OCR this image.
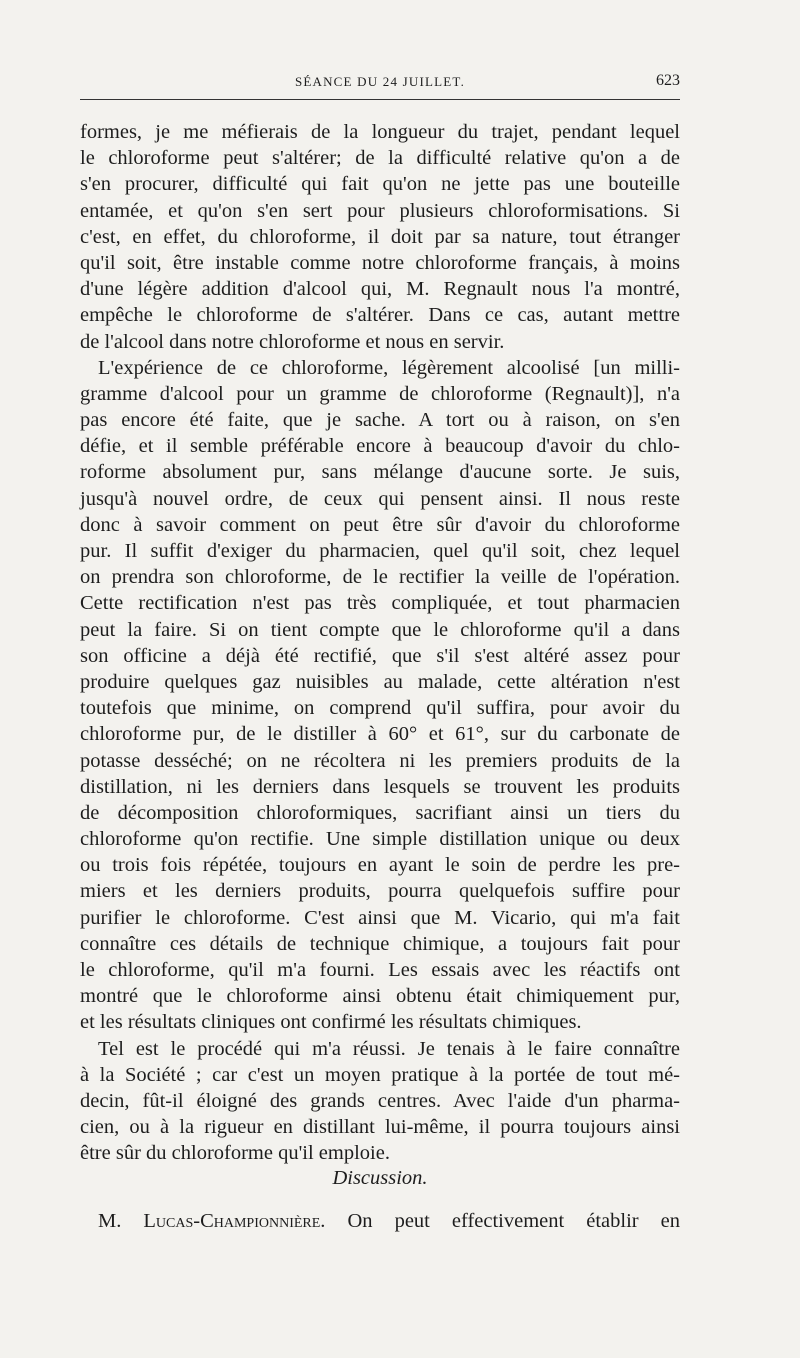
SÉANCE DU 24 JUILLET.	623
formes, je me méfierais de la longueur du trajet, pendant lequel
le chloroforme peut s'altérer; de la difficulté relative qu'on a de
s'en procurer, difficulté qui fait qu'on ne jette pas une bouteille
entamée, et qu'on s'en sert pour plusieurs chloroformisations. Si
c'est, en effet, du chloroforme, il doit par sa nature, tout étranger
qu'il soit, être instable comme notre chloroforme français, à moins
d'une légère addition d'alcool qui, M. Regnault nous l'a montré,
empêche le chloroforme de s'altérer. Dans ce cas, autant mettre
de l'alcool dans notre chloroforme et nous en servir.
L'expérience de ce chloroforme, légèrement alcoolisé [un milli-
gramme d'alcool pour un gramme de chloroforme (Regnault)], n'a
pas encore été faite, que je sache. A tort ou à raison, on s'en
défie, et il semble préférable encore à beaucoup d'avoir du chlo-
roforme absolument pur, sans mélange d'aucune sorte. Je suis,
jusqu'à nouvel ordre, de ceux qui pensent ainsi. Il nous reste
donc à savoir comment on peut être sûr d'avoir du chloroforme
pur. Il suffit d'exiger du pharmacien, quel qu'il soit, chez lequel
on prendra son chloroforme, de le rectifier la veille de l'opération.
Cette rectification n'est pas très compliquée, et tout pharmacien
peut la faire. Si on tient compte que le chloroforme qu'il a dans
son officine a déjà été rectifié, que s'il s'est altéré assez pour
produire quelques gaz nuisibles au malade, cette altération n'est
toutefois que minime, on comprend qu'il suffira, pour avoir du
chloroforme pur, de le distiller à 60° et 61°, sur du carbonate de
potasse desséché; on ne récoltera ni les premiers produits de la
distillation, ni les derniers dans lesquels se trouvent les produits
de décomposition chloroformiques, sacrifiant ainsi un tiers du
chloroforme qu'on rectifie. Une simple distillation unique ou deux
ou trois fois répétée, toujours en ayant le soin de perdre les pre-
miers et les derniers produits, pourra quelquefois suffire pour
purifier le chloroforme. C'est ainsi que M. Vicario, qui m'a fait
connaître ces détails de technique chimique, a toujours fait pour
le chloroforme, qu'il m'a fourni. Les essais avec les réactifs ont
montré que le chloroforme ainsi obtenu était chimiquement pur,
et les résultats cliniques ont confirmé les résultats chimiques.
Tel est le procédé qui m'a réussi. Je tenais à le faire connaître
à la Société ; car c'est un moyen pratique à la portée de tout mé-
decin, fût-il éloigné des grands centres. Avec l'aide d'un pharma-
cien, ou à la rigueur en distillant lui-même, il pourra toujours ainsi
être sûr du chloroforme qu'il emploie.
Discussion.
M. Lucas-Championnière. On peut effectivement établir en
